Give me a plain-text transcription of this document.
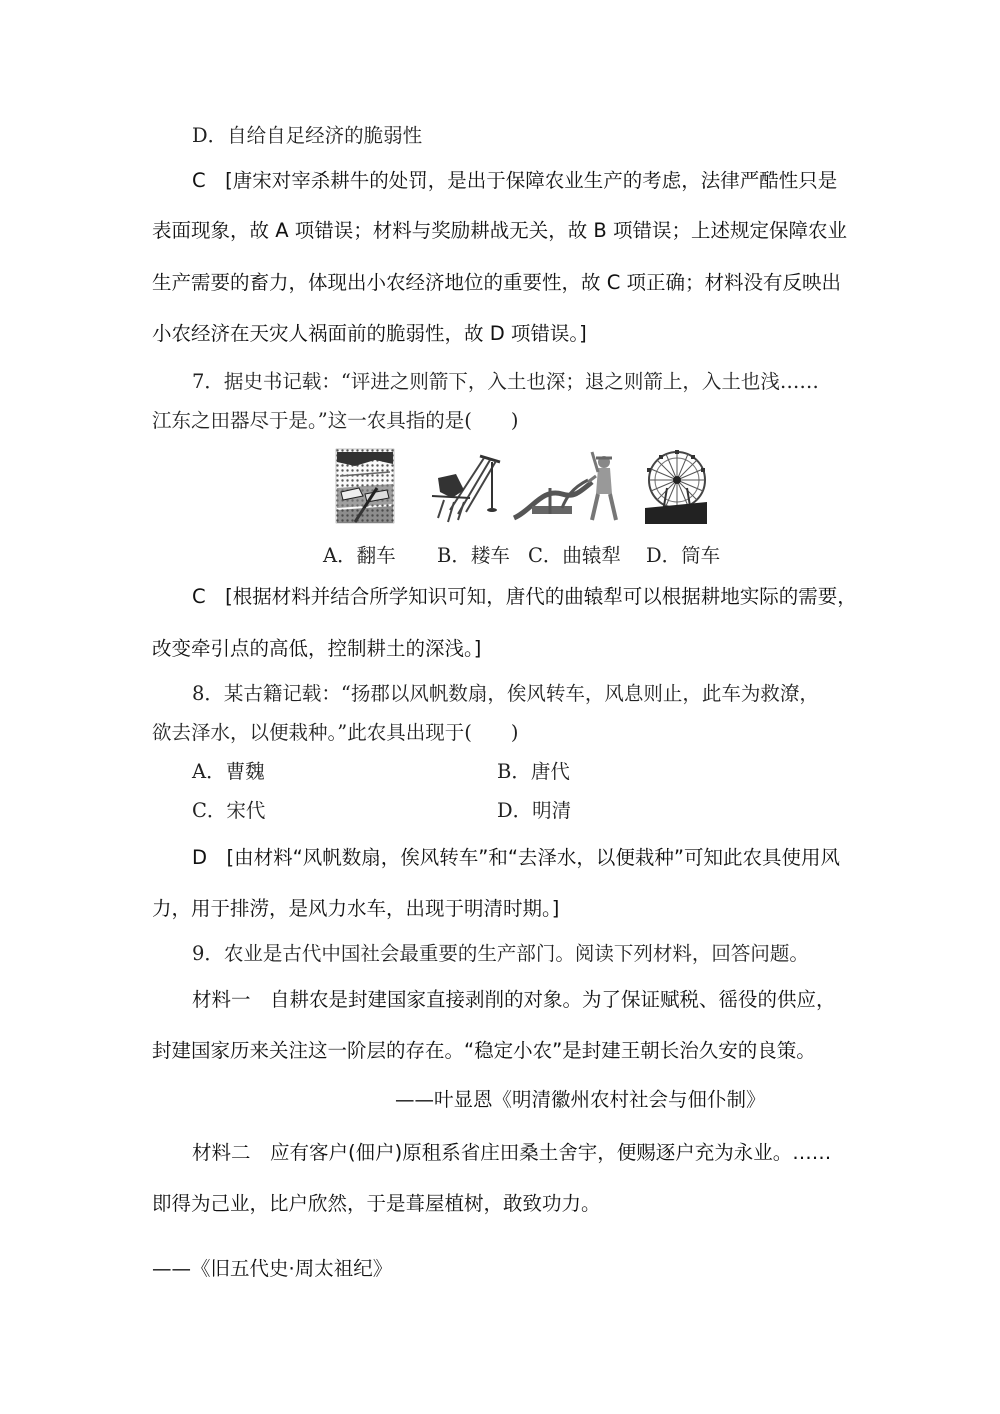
D．自给自足经济的脆弱性
C　[唐宋对宰杀耕牛的处罚，是出于保障农业生产的考虑，法律严酷性只是
表面现象，故 A 项错误；材料与奖励耕战无关，故 B 项错误；上述规定保障农业
生产需要的畜力，体现出小农经济地位的重要性，故 C 项正确；材料没有反映出
小农经济在天灾人祸面前的脆弱性，故 D 项错误。]
7．据史书记载：“评进之则箭下，入土也深；退之则箭上，入土也浅……
江东之田器尽于是。”这一农具指的是(　　)
A．翻车 B．耧车 C．曲辕犁 D．筒车
C　[根据材料并结合所学知识可知，唐代的曲辕犁可以根据耕地实际的需要，
改变牵引点的高低，控制耕土的深浅。]
8．某古籍记载：“扬郡以风帆数扇，俟风转车，风息则止，此车为救潦，
欲去泽水，以便栽种。”此农具出现于(　　)
A．曹魏	B．唐代
C．宋代	D．明清
D　[由材料“风帆数扇，俟风转车”和“去泽水，以便栽种”可知此农具使用风
力，用于排涝，是风力水车，出现于明清时期。]
9．农业是古代中国社会最重要的生产部门。阅读下列材料，回答问题。
材料一　自耕农是封建国家直接剥削的对象。为了保证赋税、徭役的供应，
封建国家历来关注这一阶层的存在。“稳定小农”是封建王朝长治久安的良策。
——叶显恩《明清徽州农村社会与佃仆制》
材料二　应有客户(佃户)原租系省庄田桑土舍宇，便赐逐户充为永业。……
即得为己业，比户欣然，于是葺屋植树，敢致功力。
——《旧五代史·周太祖纪》
